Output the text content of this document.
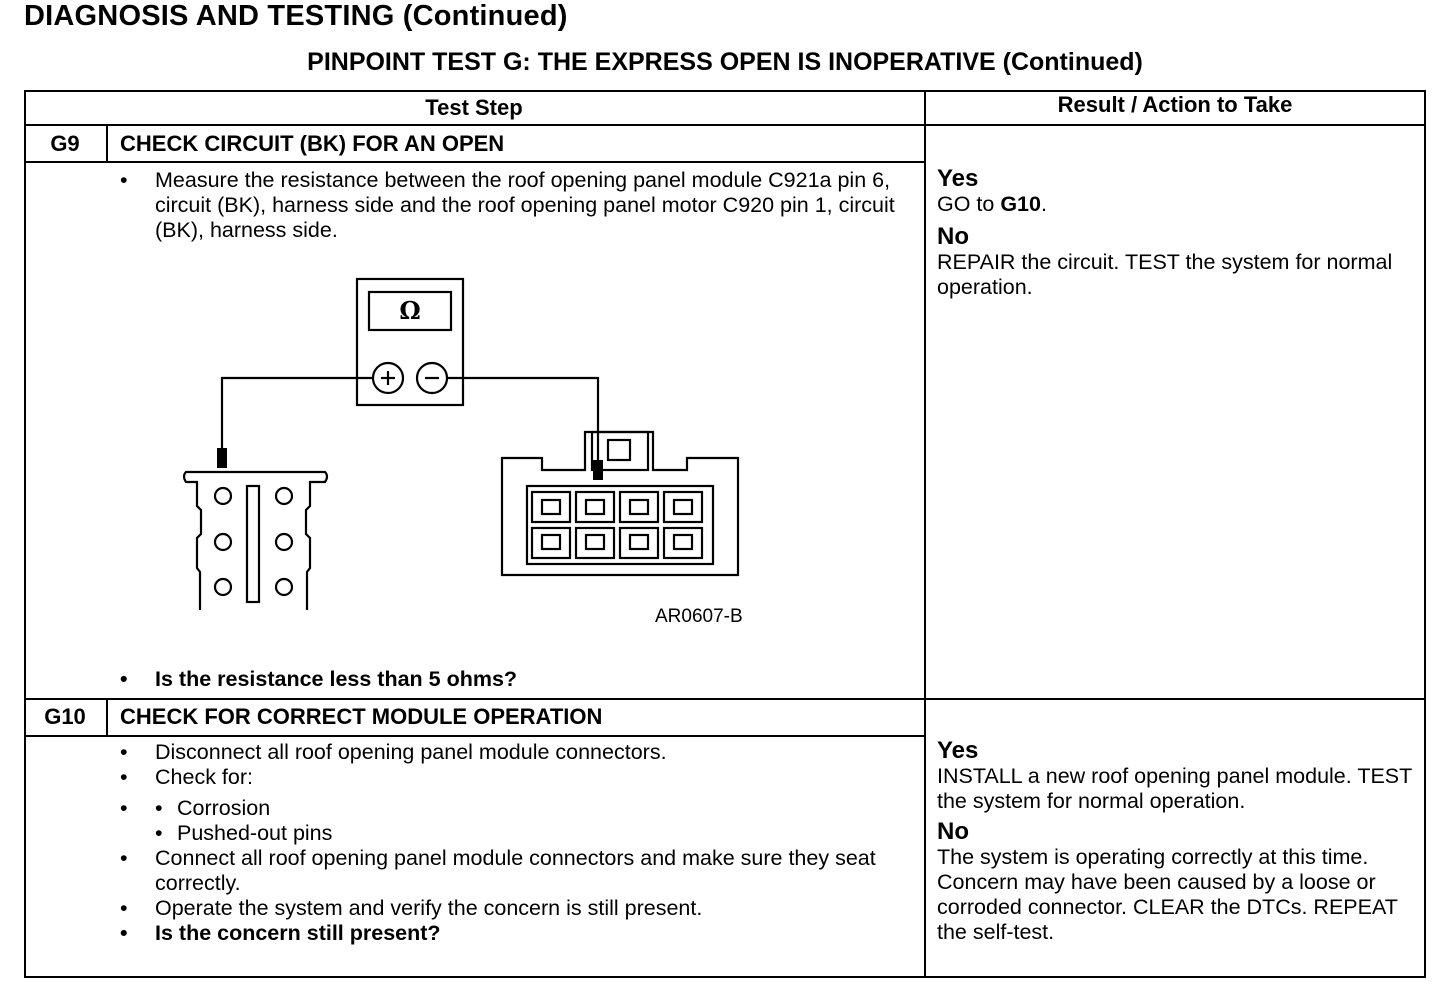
DIAGNOSIS AND TESTING (Continued)
PINPOINT TEST G: THE EXPRESS OPEN IS INOPERATIVE (Continued)
Test Step	Result / Action to Take
G9	CHECK CIRCUIT (BK) FOR AN OPEN
• Measure the resistance between the roof opening panel module C921a pin 6, circuit (BK), harness side and the roof opening panel motor C920 pin 1, circuit (BK), harness side.
• Is the resistance less than 5 ohms?
Yes

GO to G10.

No

REPAIR the circuit. TEST the system for normal operation.

G10	CHECK FOR CORRECT MODULE OPERATION
• Disconnect all roof opening panel module connectors.
• Check for:
• • Corrosion
• Pushed-out pins
• Connect all roof opening panel module connectors and make sure they seat correctly.
• Operate the system and verify the concern is still present.
• Is the concern still present?
Yes

INSTALL a new roof opening panel module. TEST the system for normal operation.

No

The system is operating correctly at this time. Concern may have been caused by a loose or corroded connector. CLEAR the DTCs. REPEAT the self-test.

Ω
AR0607-B
